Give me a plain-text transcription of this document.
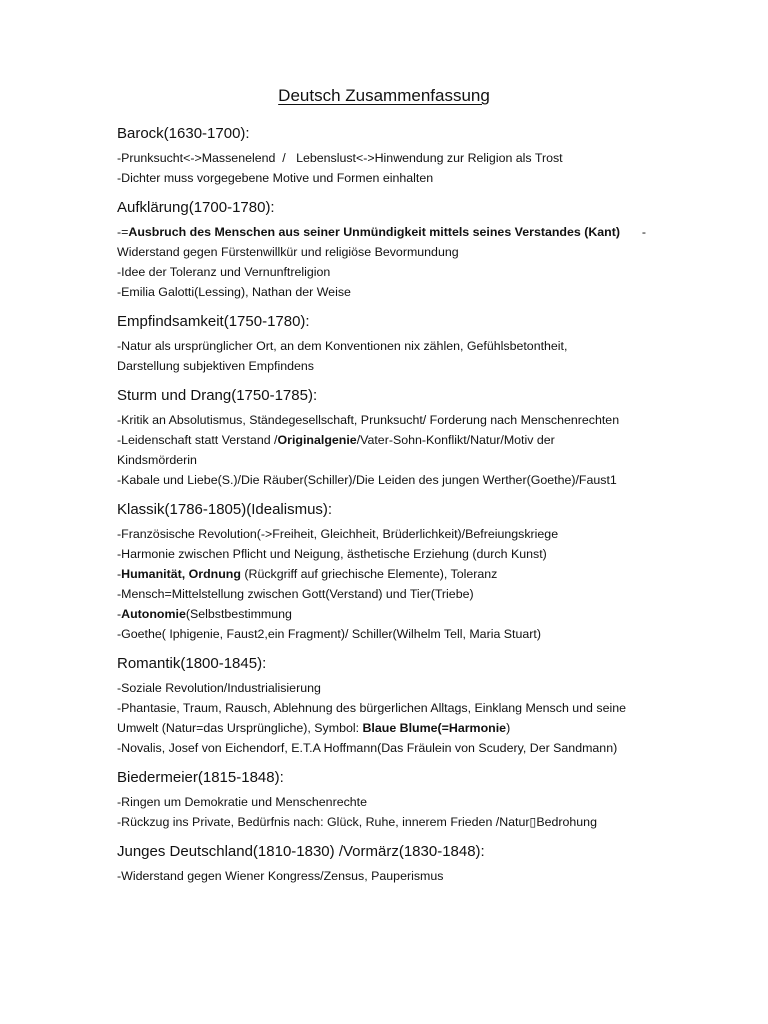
Deutsch Zusammenfassung
Barock(1630-1700):
-Prunksucht<->Massenelend  /   Lebenslust<->Hinwendung zur Religion als Trost
-Dichter muss vorgegebene Motive und Formen einhalten
Aufklärung(1700-1780):
-=Ausbruch des Menschen aus seiner Unmündigkeit mittels seines Verstandes (Kant) -
Widerstand gegen Fürstenwillkür und religiöse Bevormundung
-Idee der Toleranz und Vernunftreligion
-Emilia Galotti(Lessing), Nathan der Weise
Empfindsamkeit(1750-1780):
-Natur als ursprünglicher Ort, an dem Konventionen nix zählen, Gefühlsbetontheit,
Darstellung subjektiven Empfindens
Sturm und Drang(1750-1785):
-Kritik an Absolutismus, Ständegesellschaft, Prunksucht/ Forderung nach Menschenrechten
-Leidenschaft statt Verstand /Originalgenie/Vater-Sohn-Konflikt/Natur/Motiv der
Kindsmörderin
-Kabale und Liebe(S.)/Die Räuber(Schiller)/Die Leiden des jungen Werther(Goethe)/Faust1
Klassik(1786-1805)(Idealismus):
-Französische Revolution(->Freiheit, Gleichheit, Brüderlichkeit)/Befreiungskriege
-Harmonie zwischen Pflicht und Neigung, ästhetische Erziehung (durch Kunst)
-Humanität, Ordnung (Rückgriff auf griechische Elemente), Toleranz
-Mensch=Mittelstellung zwischen Gott(Verstand) und Tier(Triebe)
-Autonomie(Selbstbestimmung
-Goethe( Iphigenie, Faust2,ein Fragment)/ Schiller(Wilhelm Tell, Maria Stuart)
Romantik(1800-1845):
-Soziale Revolution/Industrialisierung
-Phantasie, Traum, Rausch, Ablehnung des bürgerlichen Alltags, Einklang Mensch und seine
Umwelt (Natur=das Ursprüngliche), Symbol: Blaue Blume(=Harmonie)
-Novalis, Josef von Eichendorf, E.T.A Hoffmann(Das Fräulein von Scudery, Der Sandmann)
Biedermeier(1815-1848):
-Ringen um Demokratie und Menschenrechte
-Rückzug ins Private, Bedürfnis nach: Glück, Ruhe, innerem Frieden /Natur▯Bedrohung
Junges Deutschland(1810-1830) /Vormärz(1830-1848):
-Widerstand gegen Wiener Kongress/Zensus, Pauperismus
